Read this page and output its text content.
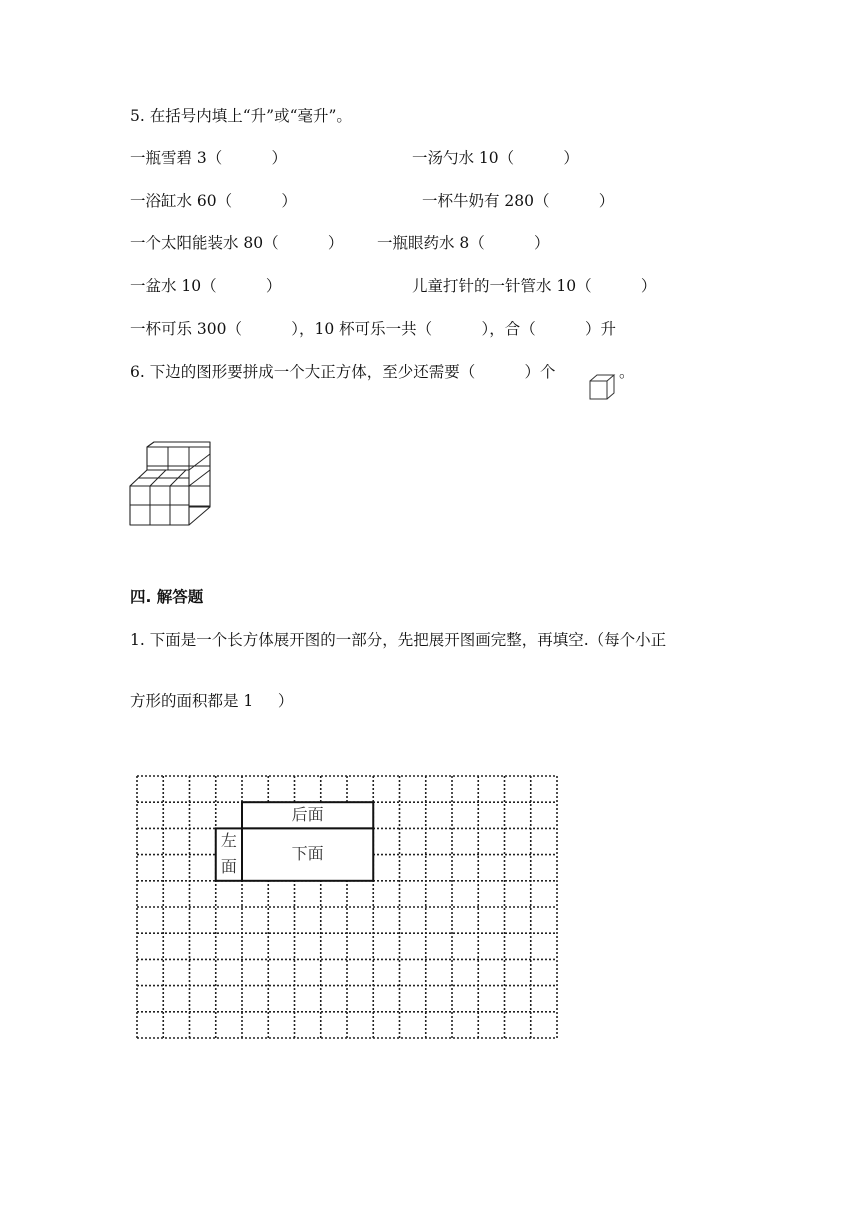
5. 在括号内填上“升”或“毫升”。
一瓶雪碧 3（          ）	一汤勺水 10（          ）
一浴缸水 60（          ）	一杯牛奶有 280（          ）
一个太阳能装水 80（          ） 一瓶眼药水 8（          ）
一盆水 10（          ）	儿童打针的一针管水 10（          ）
一杯可乐 300（          ），10 杯可乐一共（          ），合（          ）升
6. 下边的图形要拼成一个大正方体，至少还需要（          ）个	。
四. 解答题
1. 下面是一个长方体展开图的一部分，先把展开图画完整，再填空.（每个小正
方形的面积都是 1     ）
后面
下面
左
面
